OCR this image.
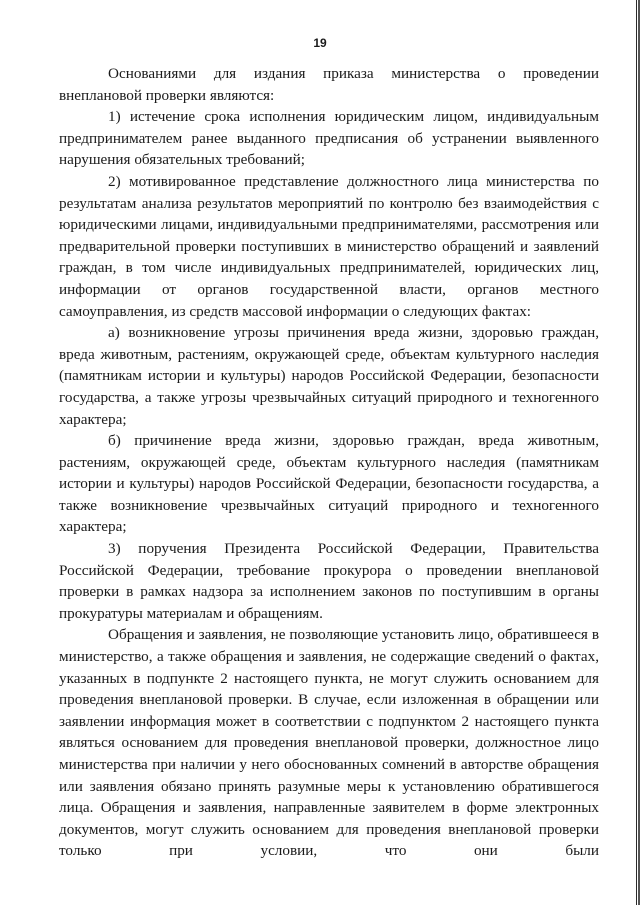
19

Основаниями для издания приказа министерства о проведении внеплановой проверки являются:

1) истечение срока исполнения юридическим лицом, индивидуальным предпринимателем ранее выданного предписания об устранении выявленного нарушения обязательных требований;

2) мотивированное представление должностного лица министерства по результатам анализа результатов мероприятий по контролю без взаимодействия с юридическими лицами, индивидуальными предпринимателями, рассмотрения или предварительной проверки поступивших в министерство обращений и заявлений граждан, в том числе индивидуальных предпринимателей, юридических лиц, информации от органов государственной власти, органов местного самоуправления, из средств массовой информации о следующих фактах:

а) возникновение угрозы причинения вреда жизни, здоровью граждан, вреда животным, растениям, окружающей среде, объектам культурного наследия (памятникам истории и культуры) народов Российской Федерации, безопасности государства, а также угрозы чрезвычайных ситуаций природного и техногенного характера;

б) причинение вреда жизни, здоровью граждан, вреда животным, растениям, окружающей среде, объектам культурного наследия (памятникам истории и культуры) народов Российской Федерации, безопасности государства, а также возникновение чрезвычайных ситуаций природного и техногенного характера;

3) поручения Президента Российской Федерации, Правительства Российской Федерации, требование прокурора о проведении внеплановой проверки в рамках надзора за исполнением законов по поступившим в органы прокуратуры материалам и обращениям.

Обращения и заявления, не позволяющие установить лицо, обратившееся в министерство, а также обращения и заявления, не содержащие сведений о фактах, указанных в подпункте 2 настоящего пункта, не могут служить основанием для проведения внеплановой проверки. В случае, если изложенная в обращении или заявлении информация может в соответствии с подпунктом 2 настоящего пункта являться основанием для проведения внеплановой проверки, должностное лицо министерства при наличии у него обоснованных сомнений в авторстве обращения или заявления обязано принять разумные меры к установлению обратившегося лица. Обращения и заявления, направленные заявителем в форме электронных документов, могут служить основанием для проведения внеплановой проверки только при условии, что они были
